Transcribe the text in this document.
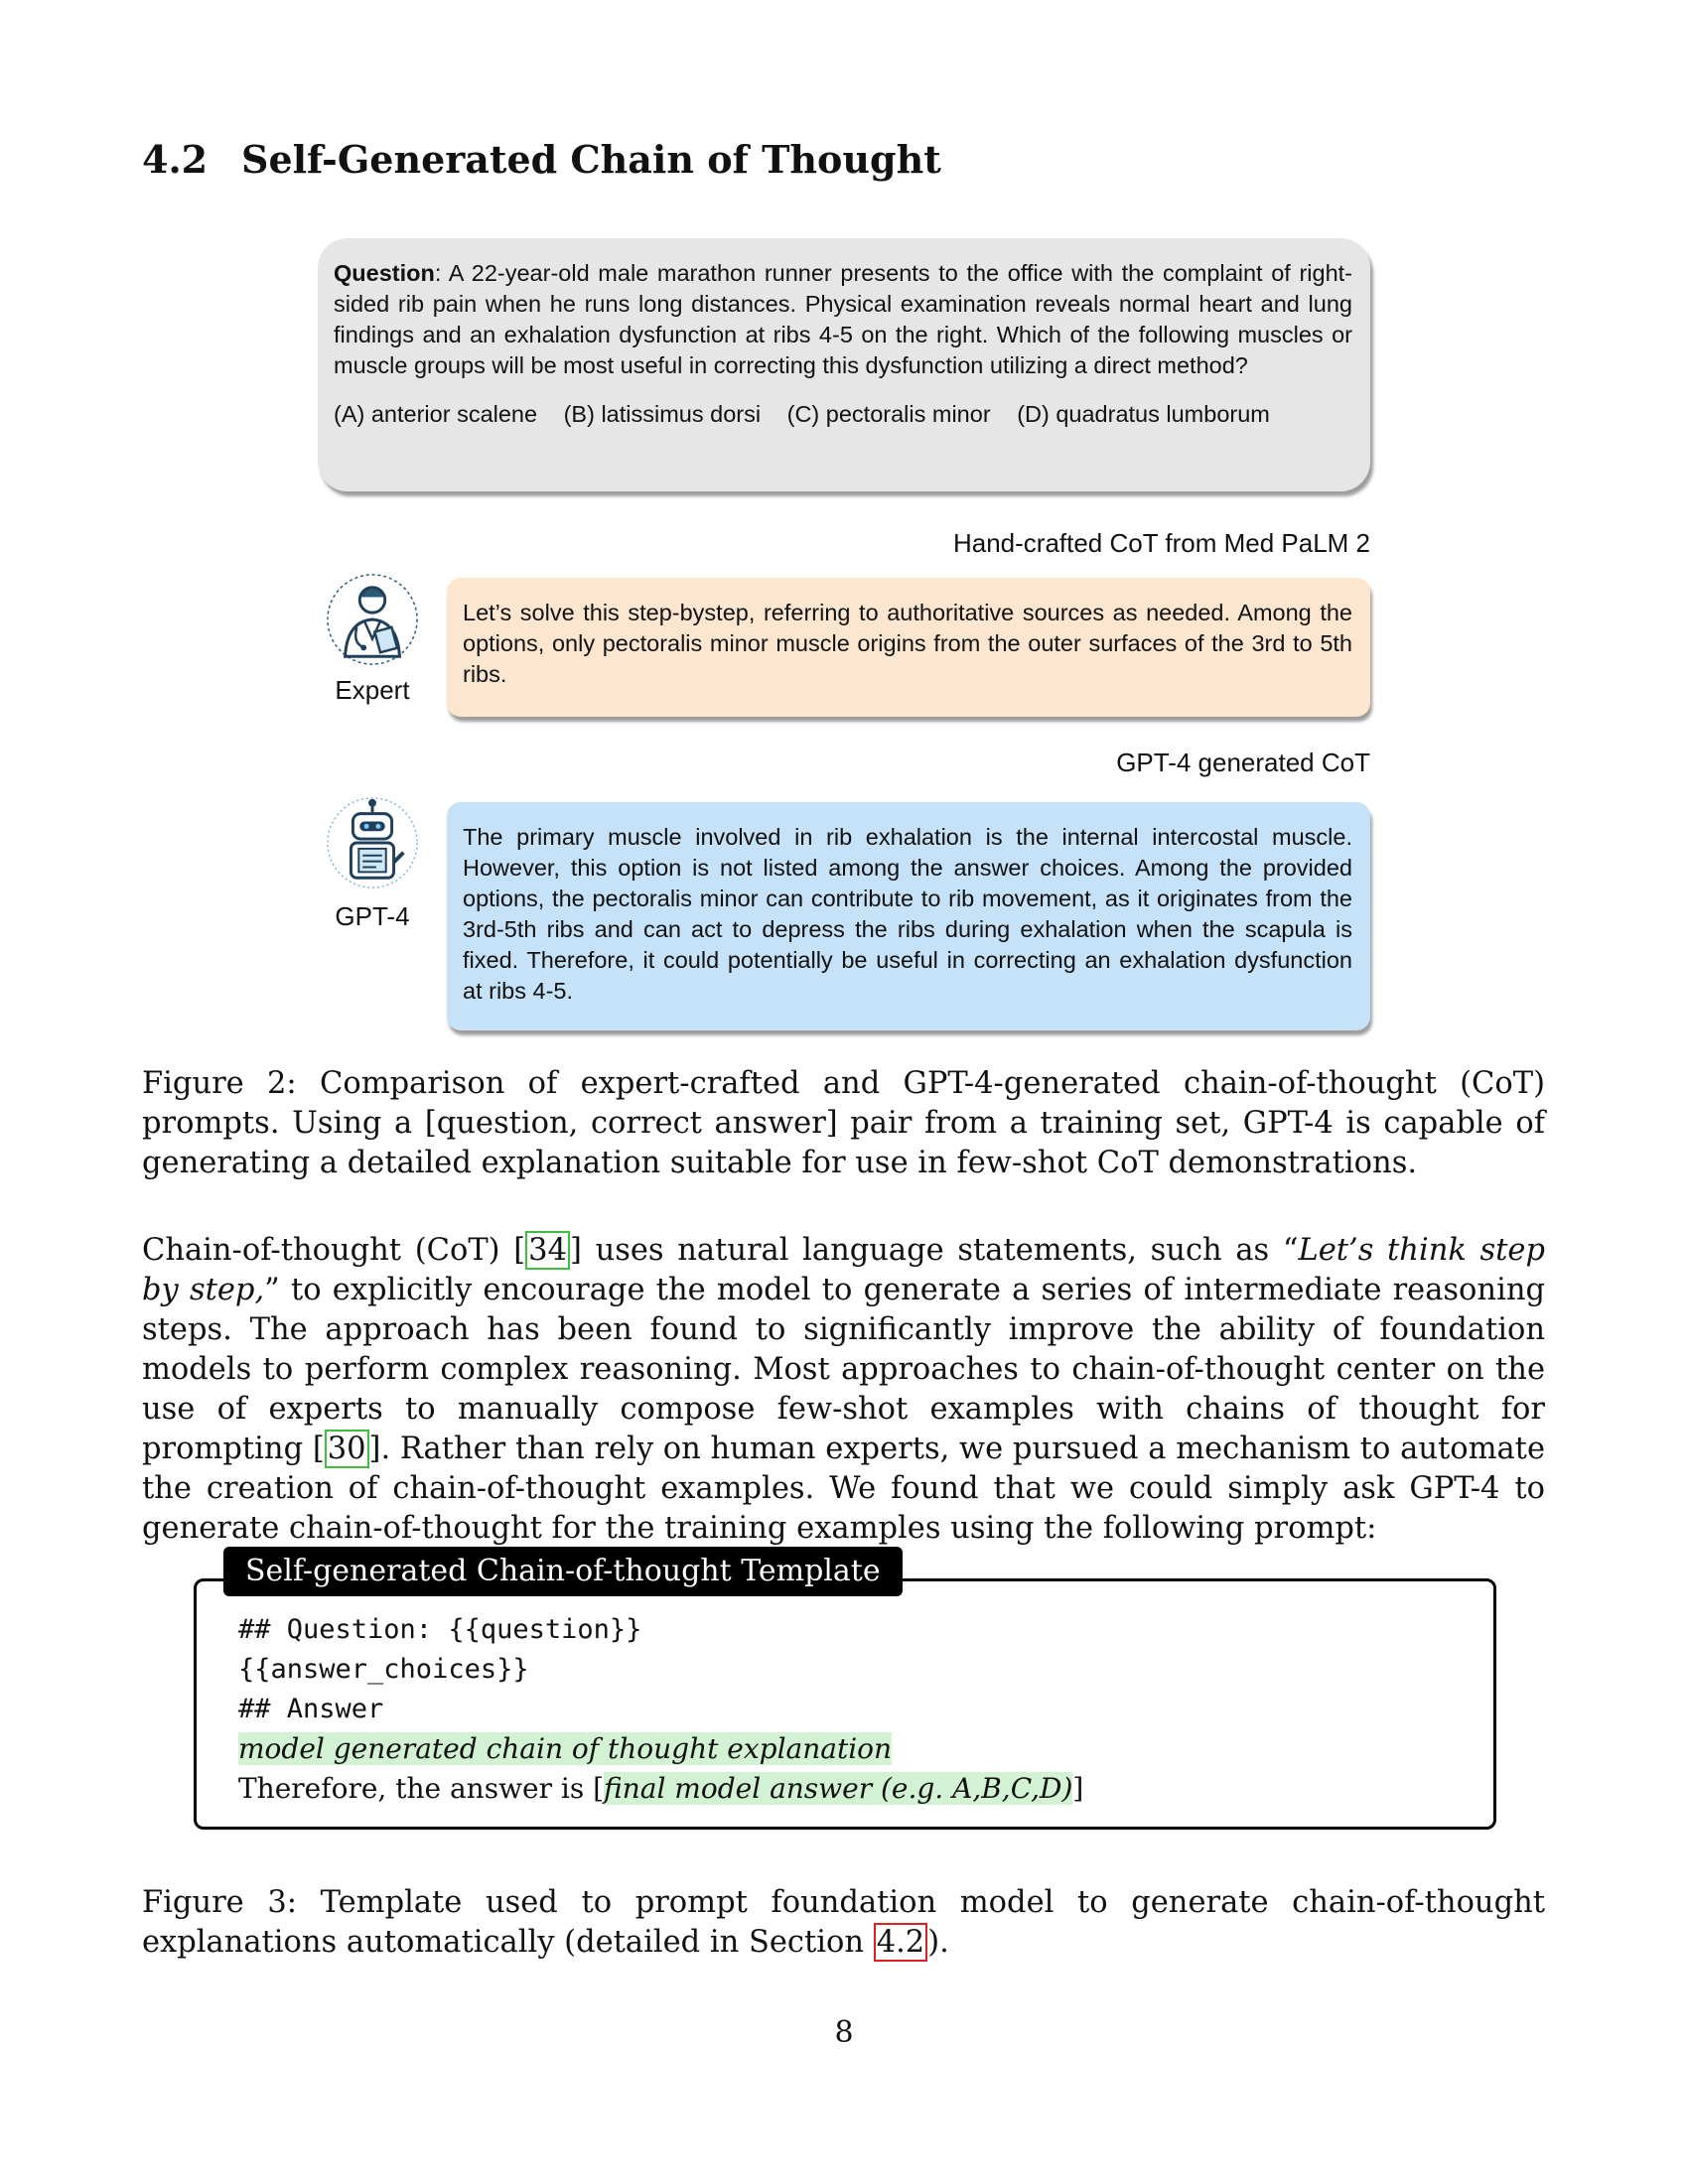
4.2 Self-Generated Chain of Thought
Question: A 22-year-old male marathon runner presents to the office with the complaint of right-sided rib pain when he runs long distances. Physical examination reveals normal heart and lung findings and an exhalation dysfunction at ribs 4-5 on the right. Which of the following muscles or muscle groups will be most useful in correcting this dysfunction utilizing a direct method?
(A) anterior scalene (B) latissimus dorsi (C) pectoralis minor (D) quadratus lumborum
Hand-crafted CoT from Med PaLM 2
Expert
Let’s solve this step-bystep, referring to authoritative sources as needed. Among the options, only pectoralis minor muscle origins from the outer surfaces of the 3rd to 5th ribs.
GPT-4 generated CoT
GPT-4
The primary muscle involved in rib exhalation is the internal intercostal muscle. However, this option is not listed among the answer choices. Among the provided options, the pectoralis minor can contribute to rib movement, as it originates from the 3rd-5th ribs and can act to depress the ribs during exhalation when the scapula is fixed. Therefore, it could potentially be useful in correcting an exhalation dysfunction at ribs 4-5.

Figure 2: Comparison of expert-crafted and GPT-4-generated chain-of-thought (CoT) prompts. Using a [question, correct answer] pair from a training set, GPT-4 is capable of generating a detailed explanation suitable for use in few-shot CoT demonstrations.

Chain-of-thought (CoT) [34] uses natural language statements, such as “Let’s think step by step,” to explicitly encourage the model to generate a series of intermediate reasoning steps. The approach has been found to significantly improve the ability of foundation models to perform complex reasoning. Most approaches to chain-of-thought center on the use of experts to manually compose few-shot examples with chains of thought for prompting [30]. Rather than rely on human experts, we pursued a mechanism to automate the creation of chain-of-thought examples. We found that we could simply ask GPT-4 to generate chain-of-thought for the training examples using the following prompt:

Self-generated Chain-of-thought Template
## Question: {{question}}
{{answer_choices}}
## Answer
model generated chain of thought explanation
Therefore, the answer is [final model answer (e.g. A,B,C,D)]

Figure 3: Template used to prompt foundation model to generate chain-of-thought explanations automatically (detailed in Section 4.2).

8
